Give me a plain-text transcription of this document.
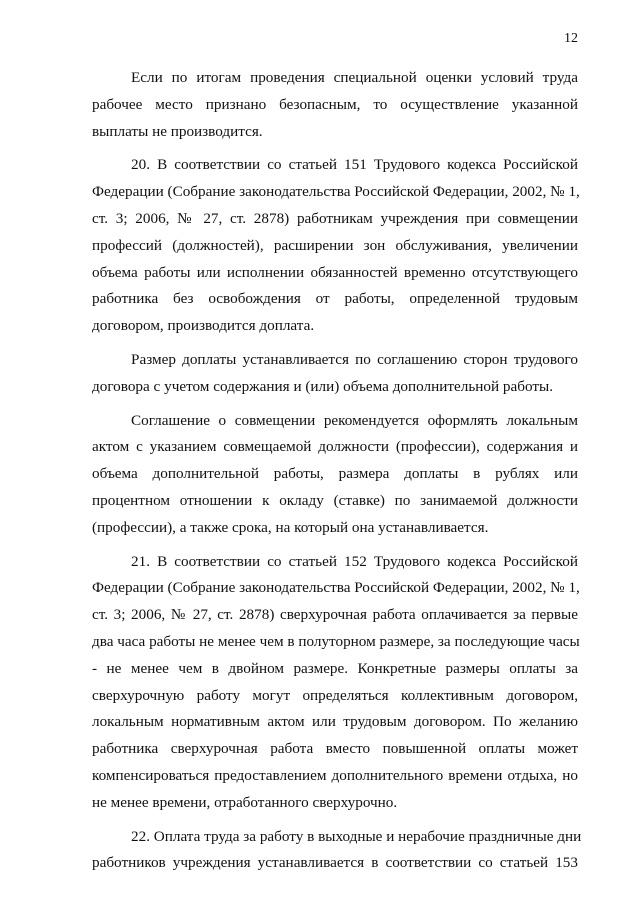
12

Если по итогам проведения специальной оценки условий труда
рабочее место признано безопасным, то осуществление указанной
выплаты не производится.

20. В соответствии со статьей 151 Трудового кодекса Российской
Федерации (Собрание законодательства Российской Федерации, 2002, № 1,
ст. 3; 2006, № 27, ст. 2878) работникам учреждения при совмещении
профессий (должностей), расширении зон обслуживания, увеличении
объема работы или исполнении обязанностей временно отсутствующего
работника без освобождения от работы, определенной трудовым
договором, производится доплата.

Размер доплаты устанавливается по соглашению сторон трудового
договора с учетом содержания и (или) объема дополнительной работы.

Соглашение о совмещении рекомендуется оформлять локальным
актом с указанием совмещаемой должности (профессии), содержания и
объема дополнительной работы, размера доплаты в рублях или
процентном отношении к окладу (ставке) по занимаемой должности
(профессии), а также срока, на который она устанавливается.

21. В соответствии со статьей 152 Трудового кодекса Российской
Федерации (Собрание законодательства Российской Федерации, 2002, № 1,
ст. 3; 2006, № 27, ст. 2878) сверхурочная работа оплачивается за первые
два часа работы не менее чем в полуторном размере, за последующие часы
- не менее чем в двойном размере. Конкретные размеры оплаты за
сверхурочную работу могут определяться коллективным договором,
локальным нормативным актом или трудовым договором. По желанию
работника сверхурочная работа вместо повышенной оплаты может
компенсироваться предоставлением дополнительного времени отдыха, но
не менее времени, отработанного сверхурочно.

22. Оплата труда за работу в выходные и нерабочие праздничные дни
работников учреждения устанавливается в соответствии со статьей 153
